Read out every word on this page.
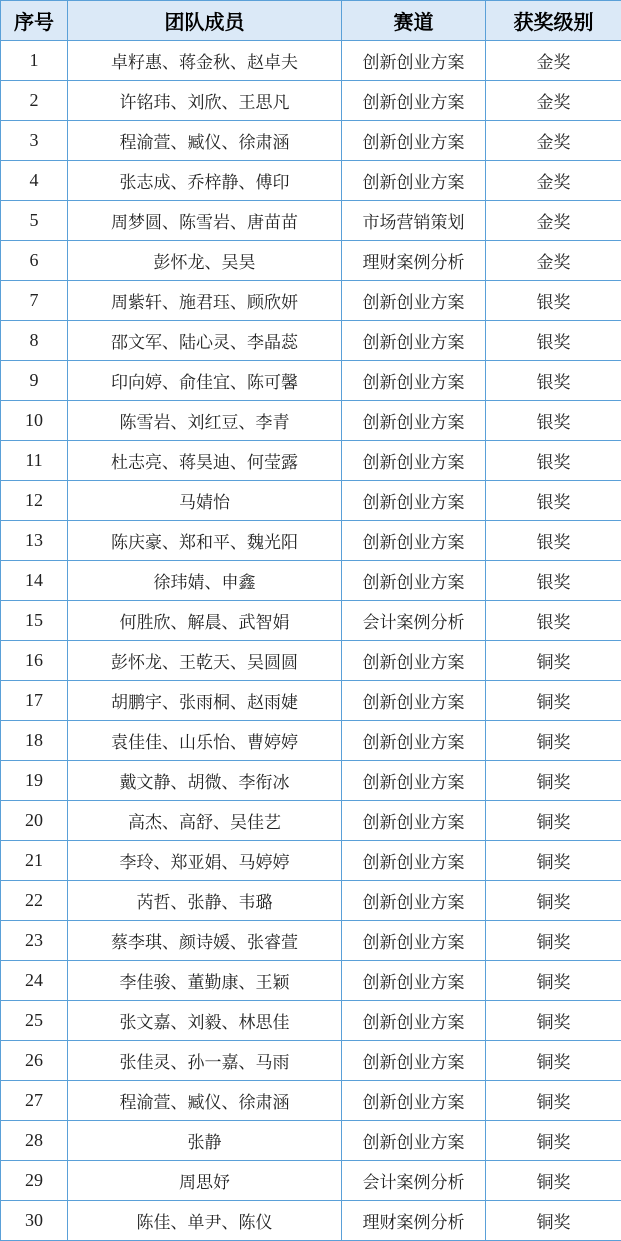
序号	团队成员	赛道	获奖级别
1	卓籽惠、蒋金秋、赵卓夫	创新创业方案	金奖
2	许铭玮、刘欣、王思凡	创新创业方案	金奖
3	程渝萱、臧仪、徐肃涵	创新创业方案	金奖
4	张志成、乔梓静、傅印	创新创业方案	金奖
5	周梦圆、陈雪岩、唐苗苗	市场营销策划	金奖
6	彭怀龙、吴昊	理财案例分析	金奖
7	周紫轩、施君珏、顾欣妍	创新创业方案	银奖
8	邵文军、陆心灵、李晶蕊	创新创业方案	银奖
9	印向婷、俞佳宜、陈可馨	创新创业方案	银奖
10	陈雪岩、刘红豆、李青	创新创业方案	银奖
11	杜志亮、蒋昊迪、何莹露	创新创业方案	银奖
12	马婧怡	创新创业方案	银奖
13	陈庆豪、郑和平、魏光阳	创新创业方案	银奖
14	徐玮婧、申鑫	创新创业方案	银奖
15	何胜欣、解晨、武智娟	会计案例分析	银奖
16	彭怀龙、王乾天、吴圆圆	创新创业方案	铜奖
17	胡鹏宇、张雨桐、赵雨婕	创新创业方案	铜奖
18	袁佳佳、山乐怡、曹婷婷	创新创业方案	铜奖
19	戴文静、胡微、李衔冰	创新创业方案	铜奖
20	高杰、高舒、吴佳艺	创新创业方案	铜奖
21	李玲、郑亚娟、马婷婷	创新创业方案	铜奖
22	芮哲、张静、韦璐	创新创业方案	铜奖
23	蔡李琪、颜诗媛、张睿萱	创新创业方案	铜奖
24	李佳骏、董勤康、王颖	创新创业方案	铜奖
25	张文嘉、刘毅、林思佳	创新创业方案	铜奖
26	张佳灵、孙一嘉、马雨	创新创业方案	铜奖
27	程渝萱、臧仪、徐肃涵	创新创业方案	铜奖
28	张静	创新创业方案	铜奖
29	周思妤	会计案例分析	铜奖
30	陈佳、单尹、陈仪	理财案例分析	铜奖
